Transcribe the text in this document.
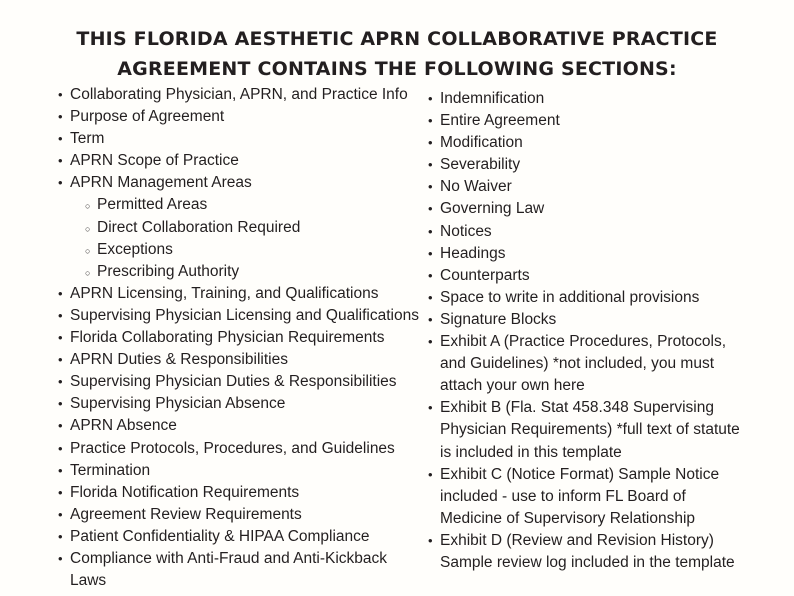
THIS FLORIDA AESTHETIC APRN COLLABORATIVE PRACTICE
AGREEMENT CONTAINS THE FOLLOWING SECTIONS:
• Collaborating Physician, APRN, and Practice Info
• Purpose of Agreement
• Term
• APRN Scope of Practice
• APRN Management Areas
○ Permitted Areas
○ Direct Collaboration Required
○ Exceptions
○ Prescribing Authority
• APRN Licensing, Training, and Qualifications
• Supervising Physician Licensing and Qualifications
• Florida Collaborating Physician Requirements
• APRN Duties & Responsibilities
• Supervising Physician Duties & Responsibilities
• Supervising Physician Absence
• APRN Absence
• Practice Protocols, Procedures, and Guidelines
• Termination
• Florida Notification Requirements
• Agreement Review Requirements
• Patient Confidentiality & HIPAA Compliance
• Compliance with Anti-Fraud and Anti-Kickback
Laws
• Indemnification
• Entire Agreement
• Modification
• Severability
• No Waiver
• Governing Law
• Notices
• Headings
• Counterparts
• Space to write in additional provisions
• Signature Blocks
• Exhibit A (Practice Procedures, Protocols,
and Guidelines) *not included, you must
attach your own here
• Exhibit B (Fla. Stat 458.348 Supervising
Physician Requirements) *full text of statute
is included in this template
• Exhibit C (Notice Format) Sample Notice
included - use to inform FL Board of
Medicine of Supervisory Relationship
• Exhibit D (Review and Revision History)
Sample review log included in the template
